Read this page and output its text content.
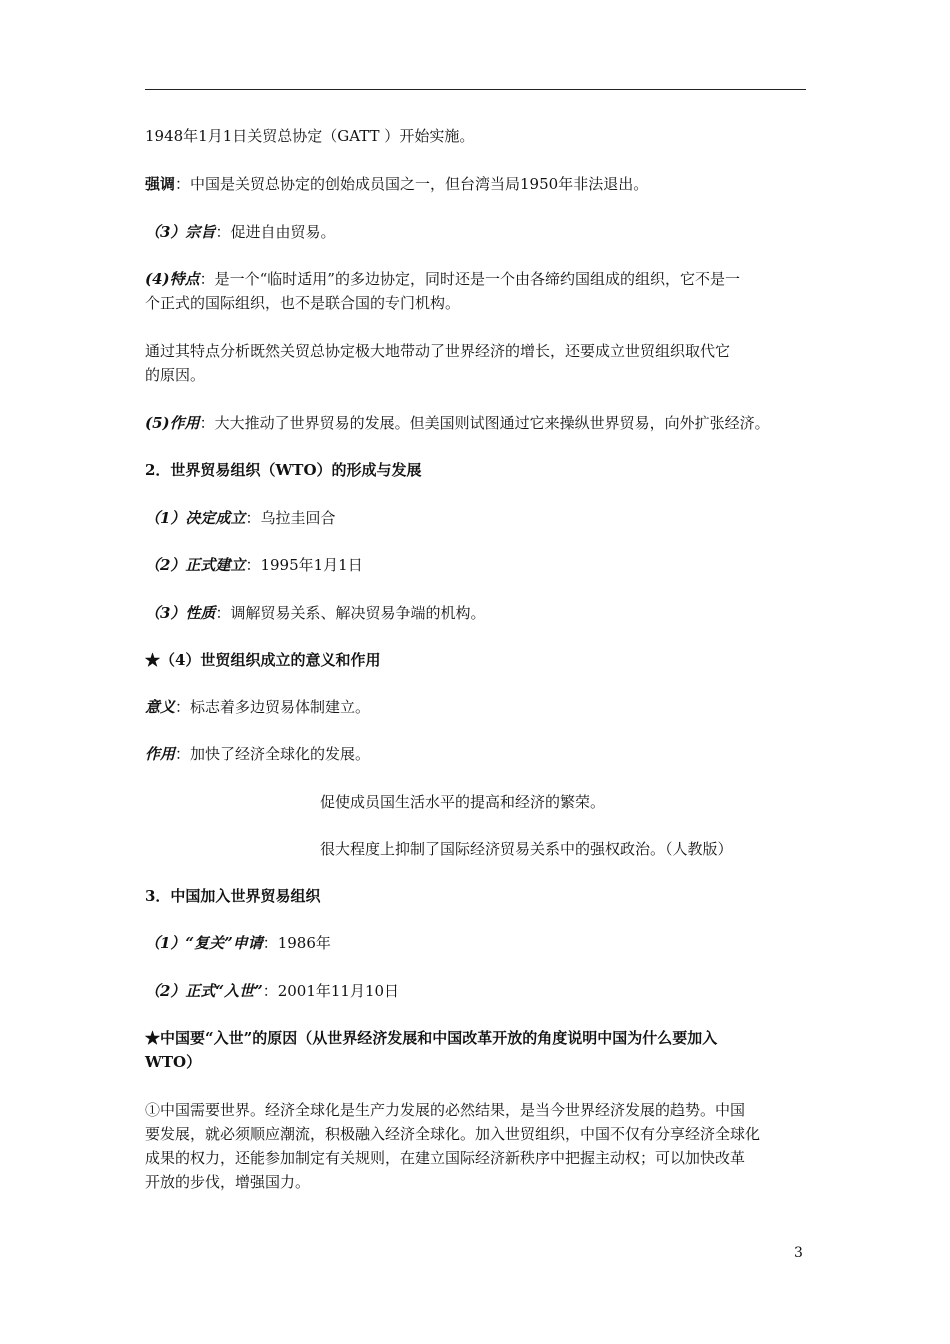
1948年1月1日关贸总协定（GATT ）开始实施。
强调：中国是关贸总协定的创始成员国之一，但台湾当局1950年非法退出。
（3）宗旨：促进自由贸易。
(4)特点：是一个“临时适用”的多边协定，同时还是一个由各缔约国组成的组织，它不是一
个正式的国际组织，也不是联合国的专门机构。
通过其特点分析既然关贸总协定极大地带动了世界经济的增长，还要成立世贸组织取代它
的原因。
(5)作用：大大推动了世界贸易的发展。但美国则试图通过它来操纵世界贸易，向外扩张经济。
2．世界贸易组织（WTO）的形成与发展
（1）决定成立：乌拉圭回合
（2）正式建立：1995年1月1日
（3）性质：调解贸易关系、解决贸易争端的机构。
★（4）世贸组织成立的意义和作用
意义：标志着多边贸易体制建立。
作用：加快了经济全球化的发展。
促使成员国生活水平的提高和经济的繁荣。
很大程度上抑制了国际经济贸易关系中的强权政治。（人教版）
3．中国加入世界贸易组织
（1）“复关”申请：1986年
（2）正式“入世”：2001年11月10日
★中国要“入世”的原因（从世界经济发展和中国改革开放的角度说明中国为什么要加入
WTO）
①中国需要世界。经济全球化是生产力发展的必然结果，是当今世界经济发展的趋势。中国
要发展，就必须顺应潮流，积极融入经济全球化。加入世贸组织，中国不仅有分享经济全球化
成果的权力，还能参加制定有关规则，在建立国际经济新秩序中把握主动权；可以加快改革
开放的步伐，增强国力。
3
